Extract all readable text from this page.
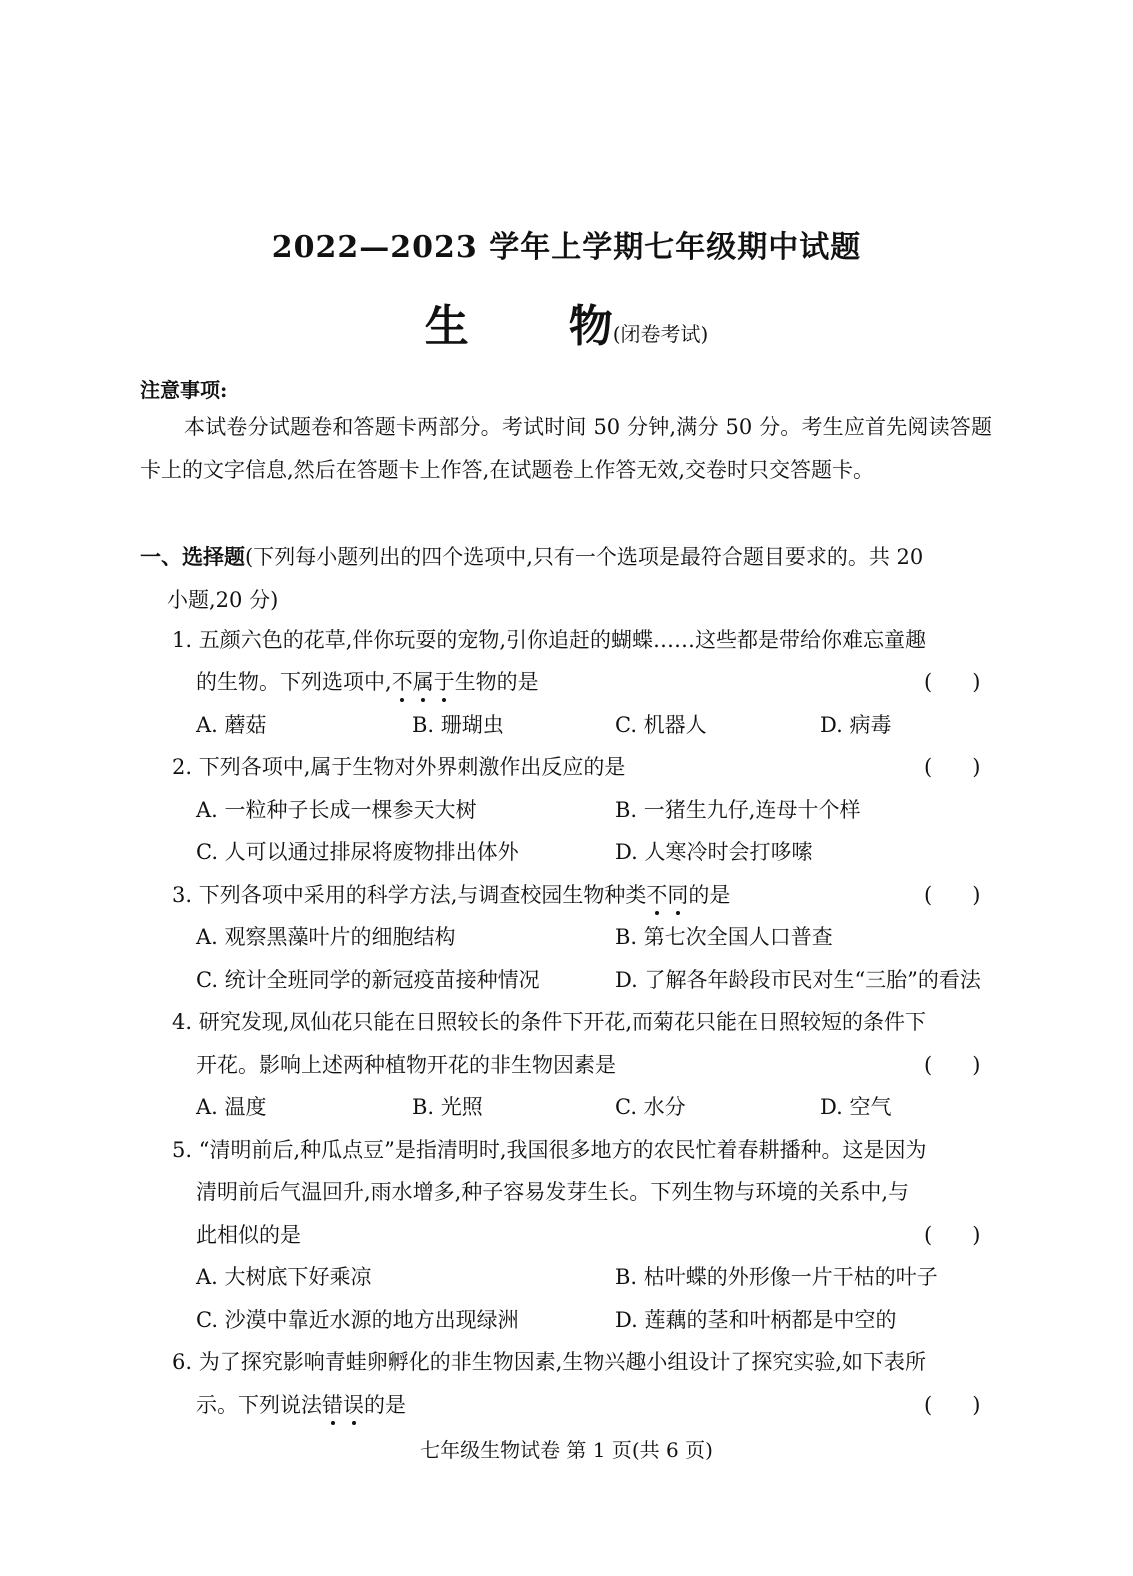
2022—2023 学年上学期七年级期中试题
生 物(闭卷考试)
注意事项:
本试卷分试题卷和答题卡两部分。考试时间 50 分钟,满分 50 分。考生应首先阅读答题卡上的文字信息,然后在答题卡上作答,在试题卷上作答无效,交卷时只交答题卡。
一、选择题(下列每小题列出的四个选项中,只有一个选项是最符合题目要求的。共 20
小题,20 分)
1. 五颜六色的花草,伴你玩耍的宠物,引你追赶的蝴蝶……这些都是带给你难忘童趣
的生物。下列选项中,不属于生物的是	(      )
A. 蘑菇	B. 珊瑚虫	C. 机器人	D. 病毒
2. 下列各项中,属于生物对外界刺激作出反应的是	(      )
A. 一粒种子长成一棵参天大树	B. 一猪生九仔,连母十个样
C. 人可以通过排尿将废物排出体外	D. 人寒冷时会打哆嗦
3. 下列各项中采用的科学方法,与调查校园生物种类不同的是	(      )
A. 观察黑藻叶片的细胞结构	B. 第七次全国人口普查
C. 统计全班同学的新冠疫苗接种情况	D. 了解各年龄段市民对生“三胎”的看法
4. 研究发现,凤仙花只能在日照较长的条件下开花,而菊花只能在日照较短的条件下
开花。影响上述两种植物开花的非生物因素是	(      )
A. 温度	B. 光照	C. 水分	D. 空气
5. “清明前后,种瓜点豆”是指清明时,我国很多地方的农民忙着春耕播种。这是因为
清明前后气温回升,雨水增多,种子容易发芽生长。下列生物与环境的关系中,与
此相似的是	(      )
A. 大树底下好乘凉	B. 枯叶蝶的外形像一片干枯的叶子
C. 沙漠中靠近水源的地方出现绿洲	D. 莲藕的茎和叶柄都是中空的
6. 为了探究影响青蛙卵孵化的非生物因素,生物兴趣小组设计了探究实验,如下表所
示。下列说法错误的是	(      )
七年级生物试卷 第 1 页(共 6 页)
